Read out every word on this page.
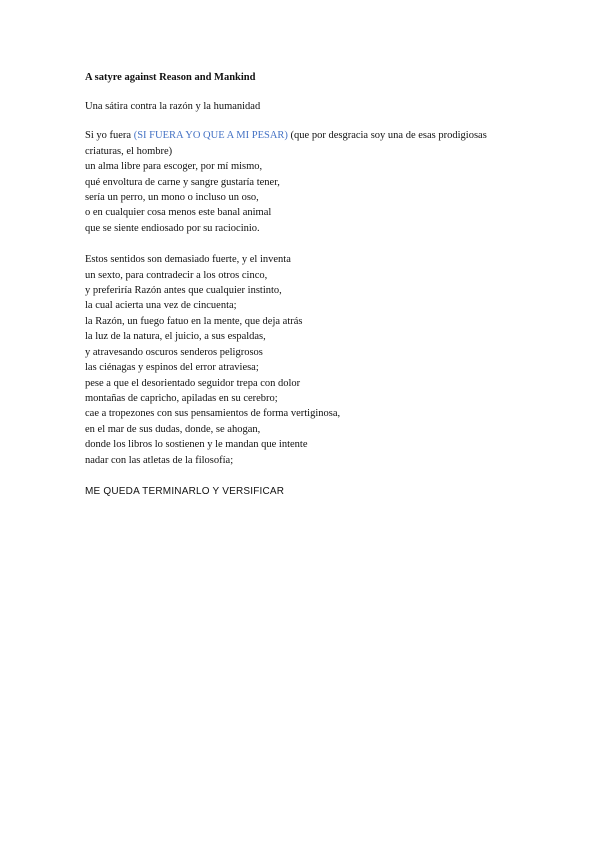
A satyre against Reason and Mankind
Una sátira contra la razón y la humanidad
Si yo fuera (SI FUERA YO QUE A MI PESAR) (que por desgracia soy una de esas prodigiosas criaturas, el hombre)
un alma libre para escoger, por mí mismo,
qué envoltura de carne y sangre gustaría tener,
sería un perro, un mono o incluso un oso,
o en cualquier cosa menos este banal animal
que se siente endiosado por su raciocinio.
Estos sentidos son demasiado fuerte, y el inventa
un sexto, para contradecir a los otros cinco,
y preferiría Razón antes que cualquier instinto,
la cual acierta una vez de cincuenta;
la Razón, un fuego fatuo en la mente, que deja atrás
la luz de la natura, el juicio, a sus espaldas,
y atravesando oscuros senderos peligrosos
las ciénagas y espinos del error atraviesa;
pese a que el desorientado seguidor trepa con dolor
montañas de capricho, apiladas en su cerebro;
cae a tropezones con sus pensamientos de forma vertiginosa,
en el mar de sus dudas, donde, se ahogan,
donde los libros lo sostienen y le mandan que intente
nadar con las atletas de la filosofía;
ME QUEDA TERMINARLO Y VERSIFICAR
